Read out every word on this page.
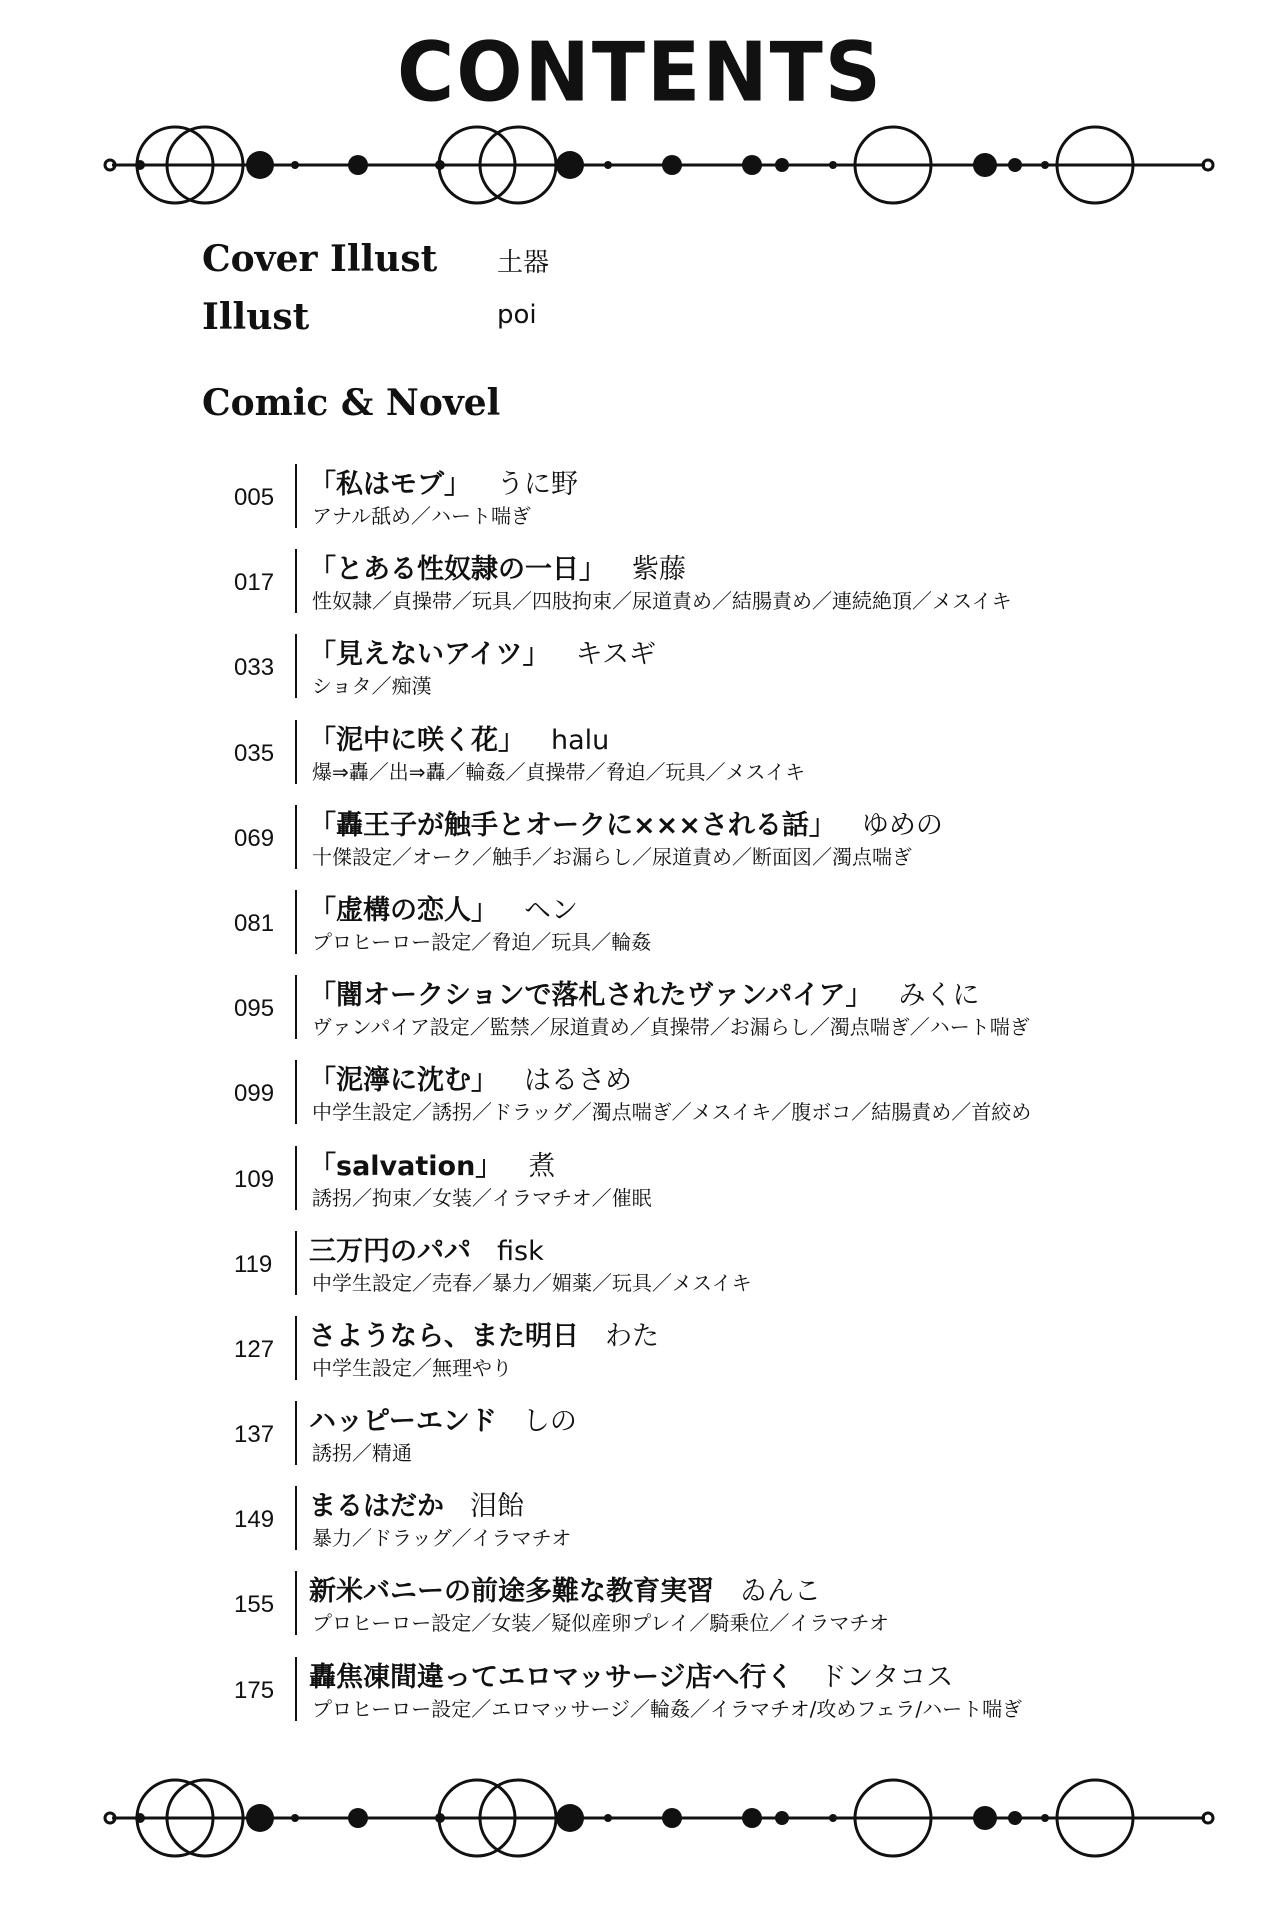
CONTENTS
Cover Illust 土器
Illust	poi
Comic & Novel
005 「私はモブ」 うに野
アナル舐め／ハート喘ぎ
017 「とある性奴隷の一日」 紫藤
性奴隷／貞操帯／玩具／四肢拘束／尿道責め／結腸責め／連続絶頂／メスイキ
033 「見えないアイツ」 キスギ
ショタ／痴漢
035 「泥中に咲く花」 halu
爆⇒轟／出⇒轟／輪姦／貞操帯／脅迫／玩具／メスイキ
069 「轟王子が触手とオークに×××される話」 ゆめの
十傑設定／オーク／触手／お漏らし／尿道責め／断面図／濁点喘ぎ
081 「虚構の恋人」 ヘン
プロヒーロー設定／脅迫／玩具／輪姦
095 「闇オークションで落札されたヴァンパイア」 みくに
ヴァンパイア設定／監禁／尿道責め／貞操帯／お漏らし／濁点喘ぎ／ハート喘ぎ
099 「泥濘に沈む」 はるさめ
中学生設定／誘拐／ドラッグ／濁点喘ぎ／メスイキ／腹ボコ／結腸責め／首絞め
109 「salvation」 煮
誘拐／拘束／女装／イラマチオ／催眠
119 三万円のパパ fisk
中学生設定／売春／暴力／媚薬／玩具／メスイキ
127 さようなら、また明日 わた
中学生設定／無理やり
137 ハッピーエンド しの
誘拐／精通
149 まるはだか 泪飴
暴力／ドラッグ／イラマチオ
155 新米バニーの前途多難な教育実習 ゐんこ
プロヒーロー設定／女装／疑似産卵プレイ／騎乗位／イラマチオ
175 轟焦凍間違ってエロマッサージ店へ行く ドンタコス
プロヒーロー設定／エロマッサージ／輪姦／イラマチオ/攻めフェラ/ハート喘ぎ
